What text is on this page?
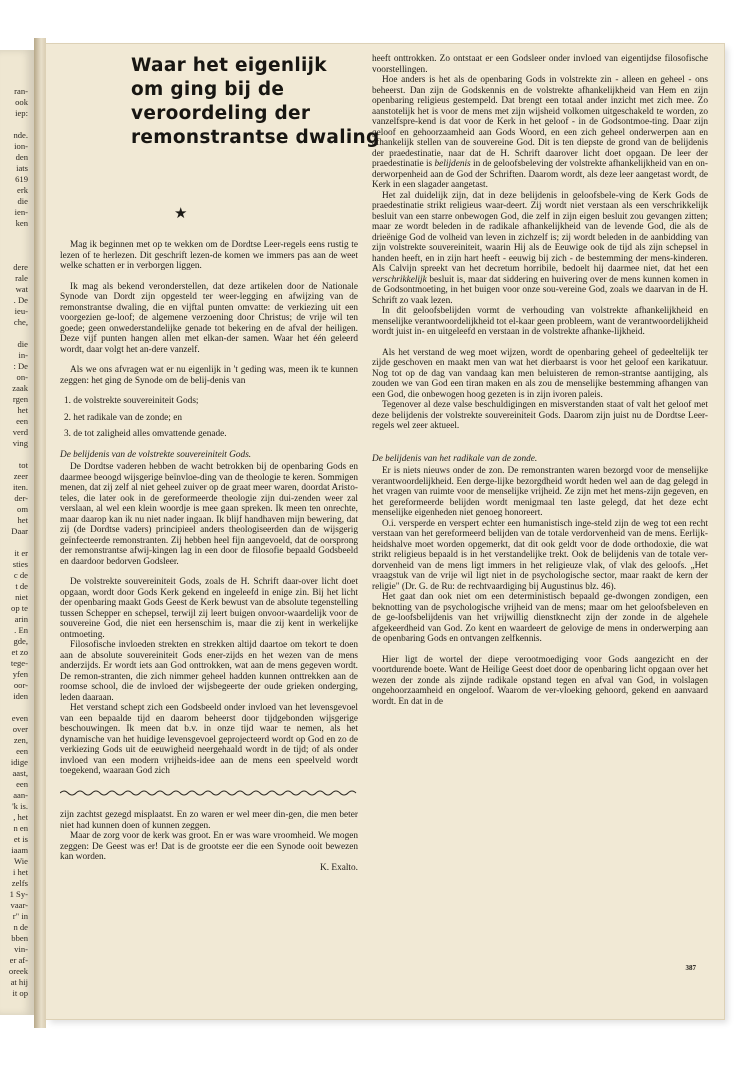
ran-
ook
iep:
nde.
ion-
den
iats
619
erk
die
ien-
ken
dere
rale
wat
. De
ieu-
che,
die
in-
: De
on-
zaak
rgen
het
een
verd
ving
tot
zeer
iten.
der-
om
het
Daar
it er
sties
c de
t de
niet
op te
arin
. En
gde,
et zo
tege-
yfen
oor-
iden
even
over
zen,
een
idige
aast,
een
aan-
'k is.
, het
n en
et is
iaam
Wie
i het
zelfs
1 Sy-
vaar-
r" in
n de
bben
vin-
er af-
oreek
at hij
it op
Waar het eigenlijk
om ging bij de
veroordeling der
remonstrantse dwaling
★

Mag ik beginnen met op te wekken om de Dordtse Leer-regels eens rustig te lezen of te herlezen. Dit geschrift lezen-de komen we immers pas aan de weet welke schatten er in verborgen liggen.

Ik mag als bekend veronderstellen, dat deze artikelen door de Nationale Synode van Dordt zijn opgesteld ter weer-legging en afwijzing van de remonstrantse dwaling, die en vijftal punten omvatte: de verkiezing uit een voorgezien ge-loof; de algemene verzoening door Christus; de vrije wil ten goede; geen onwederstandelijke genade tot bekering en de afval der heiligen. Deze vijf punten hangen allen met elkan-der samen. Waar het één geleerd wordt, daar volgt het an-dere vanzelf.

Als we ons afvragen wat er nu eigenlijk in 't geding was, meen ik te kunnen zeggen: het ging de Synode om de belij-denis van

1. de volstrekte souvereiniteit Gods;
2. het radikale van de zonde; en
3. de tot zaligheid alles omvattende genade.
De belijdenis van de volstrekte souvereiniteit Gods.

De Dordtse vaderen hebben de wacht betrokken bij de openbaring Gods en daarmee beoogd wijsgerige beïnvloe-ding van de theologie te keren. Sommigen menen, dat zij zelf al niet geheel zuiver op de graat meer waren, doordat Aristo-teles, die later ook in de gereformeerde theologie zijn dui-zenden weer zal verslaan, al wel een klein woordje is mee gaan spreken. Ik meen ten onrechte, maar daarop kan ik nu niet nader ingaan. Ik blijf handhaven mijn bewering, dat zij (de Dordtse vaders) principieel anders theologiseerden dan de wijsgerig geïnfecteerde remonstranten. Zij hebben heel fijn aangevoeld, dat de oorsprong der remonstrantse afwij-kingen lag in een door de filosofie bepaald Godsbeeld en daardoor bedorven Godsleer.

De volstrekte souvereiniteit Gods, zoals de H. Schrift daar-over licht doet opgaan, wordt door Gods Kerk gekend en ingeleefd in enige zin. Bij het licht der openbaring maakt Gods Geest de Kerk bewust van de absolute tegenstelling tussen Schepper en schepsel, terwijl zij leert buigen onvoor-waardelijk voor de souvereine God, die niet een hersenschim is, maar die zij kent in werkelijke ontmoeting.

Filosofische invloeden strekten en strekken altijd daartoe om tekort te doen aan de absolute souvereiniteit Gods ener-zijds en het wezen van de mens anderzijds. Er wordt iets aan God onttrokken, wat aan de mens gegeven wordt. De remon-stranten, die zich nimmer geheel hadden kunnen onttrekken aan de roomse school, die de invloed der wijsbegeerte der oude grieken onderging, leden daaraan.

Het verstand schept zich een Godsbeeld onder invloed van het levensgevoel van een bepaalde tijd en daarom beheerst door tijdgebonden wijsgerige beschouwingen. Ik meen dat b.v. in onze tijd waar te nemen, als het dynamische van het huidige levensgevoel geprojecteerd wordt op God en zo de verkiezing Gods uit de eeuwigheid neergehaald wordt in de tijd; of als onder invloed van een modern vrijheids-idee aan de mens een speelveld wordt toegekend, waaraan God zich

zijn zachtst gezegd misplaatst. En zo waren er wel meer din-gen, die men beter niet had kunnen doen of kunnen zeggen.

Maar de zorg voor de kerk was groot. En er was ware vroomheid. We mogen zeggen: De Geest was er! Dat is de grootste eer die een Synode ooit bewezen kan worden.

K. Exalto.

heeft onttrokken. Zo ontstaat er een Godsleer onder invloed van eigentijdse filosofische voorstellingen.

Hoe anders is het als de openbaring Gods in volstrekte zin - alleen en geheel - ons beheerst. Dan zijn de Godskennis en de volstrekte afhankelijkheid van Hem en zijn openbaring religieus gestempeld. Dat brengt een totaal ander inzicht met zich mee. Zo aanstotelijk het is voor de mens met zijn wijsheid volkomen uitgeschakeld te worden, zo vanzelfspre-kend is dat voor de Kerk in het geloof - in de Godsontmoe-ting. Daar zijn geloof en gehoorzaamheid aan Gods Woord, en een zich geheel onderwerpen aan en afhankelijk stellen van de souvereine God. Dit is ten diepste de grond van de belijdenis der praedestinatie, naar dat de H. Schrift daarover licht doet opgaan. De leer der praedestinatie is belijdenis in de geloofsbeleving der volstrekte afhankelijkheid van en on-derworpenheid aan de God der Schriften. Daarom wordt, als deze leer aangetast wordt, de Kerk in een slagader aangetast.

Het zal duidelijk zijn, dat in deze belijdenis in geloofsbele-ving de Kerk Gods de praedestinatie strikt religieus waar-deert. Zij wordt niet verstaan als een verschrikkelijk besluit van een starre onbewogen God, die zelf in zijn eigen besluit zou gevangen zitten; maar ze wordt beleden in de radikale afhankelijkheid van de levende God, die als de drieënige God de volheid van leven in zichzelf is; zij wordt beleden in de aanbidding van zijn volstrekte souvereiniteit, waarin Hij als de Eeuwige ook de tijd als zijn schepsel in handen heeft, en in zijn hart heeft - eeuwig bij zich - de bestemming der mens-kinderen. Als Calvijn spreekt van het decretum horribile, bedoelt hij daarmee niet, dat het een verschrikkelijk besluit is, maar dat siddering en huivering over de mens kunnen komen in de Godsontmoeting, in het buigen voor onze sou-vereine God, zoals we daarvan in de H. Schrift zo vaak lezen.

In dit geloofsbelijden vormt de verhouding van volstrekte afhankelijkheid en menselijke verantwoordelijkheid tot el-kaar geen probleem, want de verantwoordelijkheid wordt juist in- en uitgeleefd en verstaan in de volstrekte afhanke-lijkheid.

Als het verstand de weg moet wijzen, wordt de openbaring geheel of gedeeltelijk ter zijde geschoven en maakt men van wat het dierbaarst is voor het geloof een karikatuur. Nog tot op de dag van vandaag kan men beluisteren de remon-strantse aantijging, als zouden we van God een tiran maken en als zou de menselijke bestemming afhangen van een God, die onbewogen hoog gezeten is in zijn ivoren paleis.

Tegenover al deze valse beschuldigingen en misverstanden staat of valt het geloof met deze belijdenis der volstrekte souvereiniteit Gods. Daarom zijn juist nu de Dordtse Leer-regels wel zeer aktueel.

De belijdenis van het radikale van de zonde.

Er is niets nieuws onder de zon. De remonstranten waren bezorgd voor de menselijke verantwoordelijkheid. Een derge-lijke bezorgdheid wordt heden wel aan de dag gelegd in het vragen van ruimte voor de menselijke vrijheid. Ze zijn met het mens-zijn gegeven, en het gereformeerde belijden wordt menigmaal ten laste gelegd, dat het deze echt menselijke eigenheden niet genoeg honoreert.

O.i. versperde en verspert echter een humanistisch inge-steld zijn de weg tot een recht verstaan van het gereformeerd belijden van de totale verdorvenheid van de mens. Eerlijk-heidshalve moet worden opgemerkt, dat dit ook geldt voor de dode orthodoxie, die wat strikt religieus bepaald is in het verstandelijke trekt. Ook de belijdenis van de totale ver-dorvenheid van de mens ligt immers in het religieuze vlak, of vlak des geloofs. „Het vraagstuk van de vrije wil ligt niet in de psychologische sector, maar raakt de kern der religie" (Dr. G. de Ru: de rechtvaardiging bij Augustinus blz. 46).

Het gaat dan ook niet om een deterministisch bepaald ge-dwongen zondigen, een beknotting van de psychologische vrijheid van de mens; maar om het geloofsbeleven en de ge-loofsbelijdenis van het vrijwillig dienstknecht zijn der zonde in de algehele afgekeerdheid van God. Zo kent en waardeert de gelovige de mens in onderwerping aan de openbaring Gods en ontvangen zelfkennis.

Hier ligt de wortel der diepe verootmoediging voor Gods aangezicht en der voortdurende boete. Want de Heilige Geest doet door de openbaring licht opgaan over het wezen der zonde als zijnde radikale opstand tegen en afval van God, in volslagen ongehoorzaamheid en ongeloof. Waarom de ver-vloeking gehoord, gekend en aanvaard wordt. En dat in de

387
